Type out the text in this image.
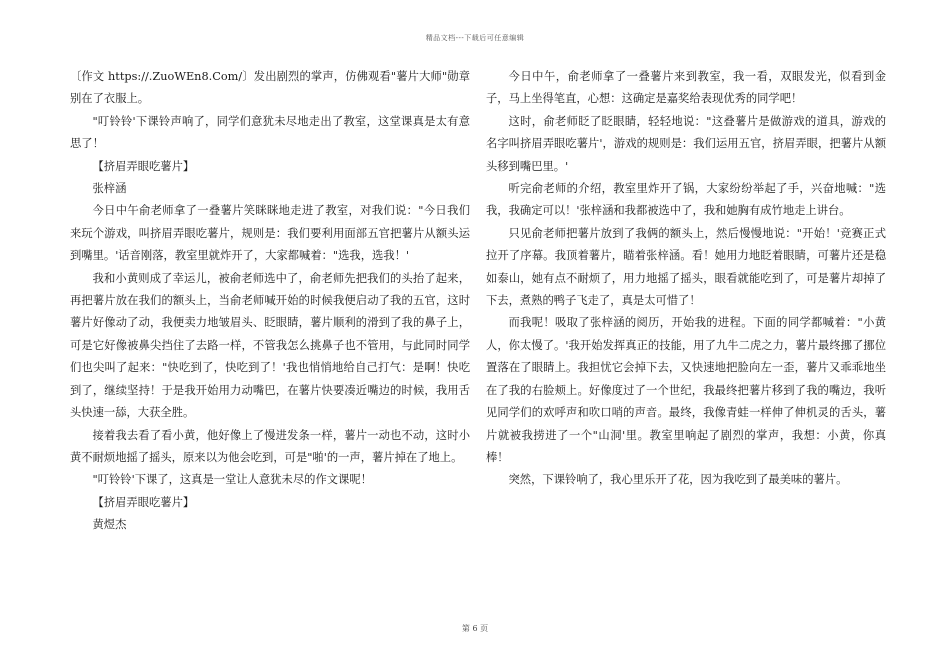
精品文档---下载后可任意编辑

〔作文 https://.ZuoWEn8.Com/〕发出剧烈的掌声，仿佛观看"薯片大师"勋章别在了衣服上。

"叮铃铃'下课铃声响了，同学们意犹未尽地走出了教室，这堂课真是太有意思了！

【挤眉弄眼吃薯片】

张梓涵

今日中午俞老师拿了一叠薯片笑眯眯地走进了教室，对我们说："今日我们来玩个游戏，叫挤眉弄眼吃薯片，规则是：我们要利用面部五官把薯片从额头运到嘴里。'话音刚落，教室里就炸开了，大家都喊着："选我，选我！'

我和小黄则成了幸运儿，被俞老师选中了，俞老师先把我们的头抬了起来，再把薯片放在我们的额头上，当俞老师喊开始的时候我便启动了我的五官，这时薯片好像动了动，我便卖力地皱眉头、眨眼睛，薯片顺利的滑到了我的鼻子上，可是它好像被鼻尖挡住了去路一样，不管我怎么挑鼻子也不管用，与此同时同学们也尖叫了起来："快吃到了，快吃到了！'我也悄悄地给自己打气：是啊！快吃到了，继续坚持！于是我开始用力动嘴巴，在薯片快要凑近嘴边的时候，我用舌头快速一舔，大获全胜。

接着我去看了看小黄，他好像上了慢进发条一样，薯片一动也不动，这时小黄不耐烦地摇了摇头，原来以为他会吃到，可是"啪'的一声，薯片掉在了地上。

"叮铃铃'下课了，这真是一堂让人意犹未尽的作文课呢！

【挤眉弄眼吃薯片】

黄煜杰

今日中午，俞老师拿了一叠薯片来到教室，我一看，双眼发光，似看到金子，马上坐得笔直，心想：这确定是嘉奖给表现优秀的同学吧！

这时，俞老师眨了眨眼睛，轻轻地说："这叠薯片是做游戏的道具，游戏的名字叫挤眉弄眼吃薯片'，游戏的规则是：我们运用五官，挤眉弄眼，把薯片从额头移到嘴巴里。'

听完俞老师的介绍，教室里炸开了锅，大家纷纷举起了手，兴奋地喊："选我，我确定可以！'张梓涵和我都被选中了，我和她胸有成竹地走上讲台。

只见俞老师把薯片放到了我俩的额头上，然后慢慢地说："开始！'竞赛正式拉开了序幕。我顶着薯片，瞄着张梓涵。看！她用力地眨着眼睛，可薯片还是稳如泰山，她有点不耐烦了，用力地摇了摇头，眼看就能吃到了，可是薯片却掉了下去，煮熟的鸭子飞走了，真是太可惜了！

而我呢！吸取了张梓涵的阅历，开始我的进程。下面的同学都喊着："小黄人，你太慢了。'我开始发挥真正的技能，用了九牛二虎之力，薯片最终挪了挪位置落在了眼睛上。我担忧它会掉下去，又快速地把脸向左一歪，薯片又乖乖地坐在了我的右脸颊上。好像度过了一个世纪，我最终把薯片移到了我的嘴边，我听见同学们的欢呼声和吹口哨的声音。最终，我像青蛙一样伸了伸机灵的舌头，薯片就被我捞进了一个"山洞'里。教室里响起了剧烈的掌声，我想：小黄，你真棒！

突然，下课铃响了，我心里乐开了花，因为我吃到了最美味的薯片。

第 6 页
